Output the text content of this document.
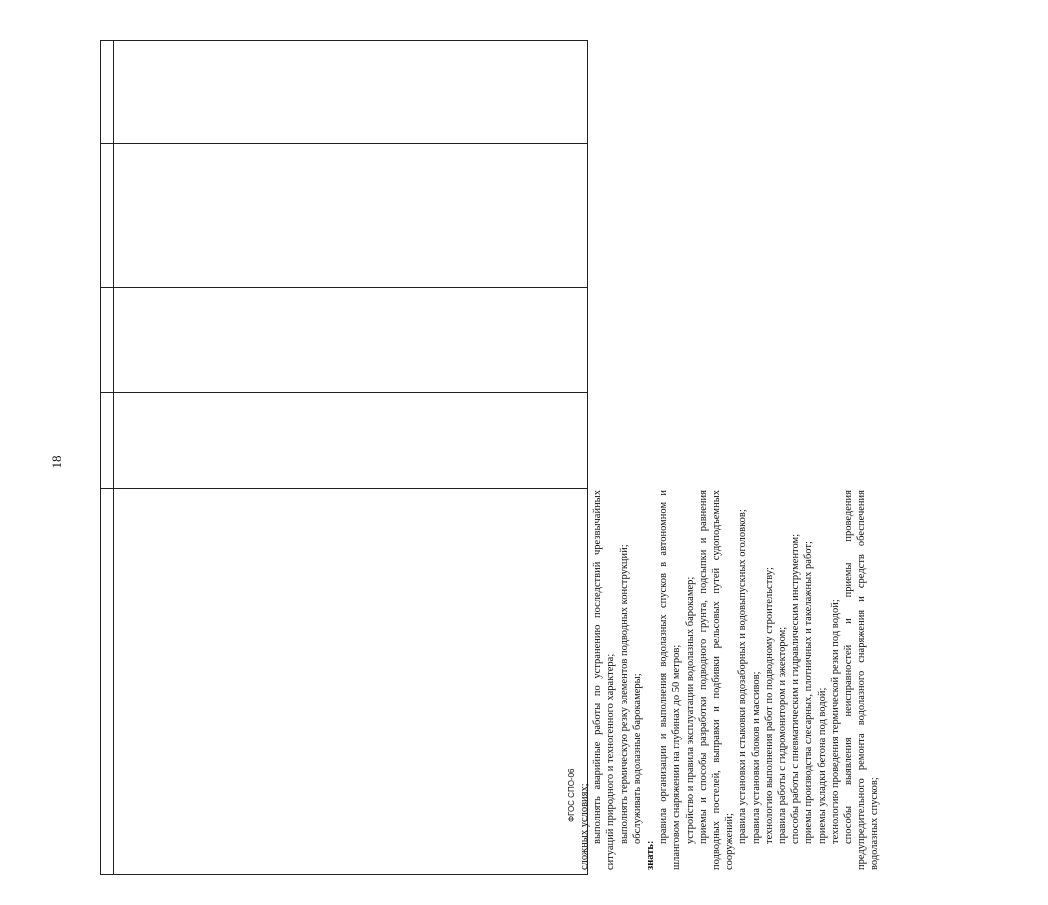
18
ФГОС СПО-06 сложных условиях; выполнять аварийные работы по устранению последствий чрезвычайных ситуаций природного и техногенного характера; выполнять термическую резку элементов подводных конструкций; обслуживать водолазные барокамеры;

знать:

правила организации и выполнения водолазных спусков в автономном и шланговом снаряжении на глубинах до 50 метров; устройство и правила эксплуатации водолазных барокамер; приемы и способы разработки подводного грунта, подсыпки и равнения подводных постелей, выправки и подбивки рельсовых путей судоподъемных сооружений; правила установки и стыковки водозаборных и водовыпускных оголовков; правила установки блоков и массивов; технологию выполнения работ по подводному строительству; правила работы с гидромонитором и эжектором; способы работы с пневматическим и гидравлическим инструментом; приемы производства слесарных, плотничных и такелажных работ; приемы укладки бетона под водой; технологию проведения термической резки под водой; способы выявления неисправностей и приемы проведения предупредительного ремонта водолазного снаряжения и средств обеспечения водолазных спусков;
